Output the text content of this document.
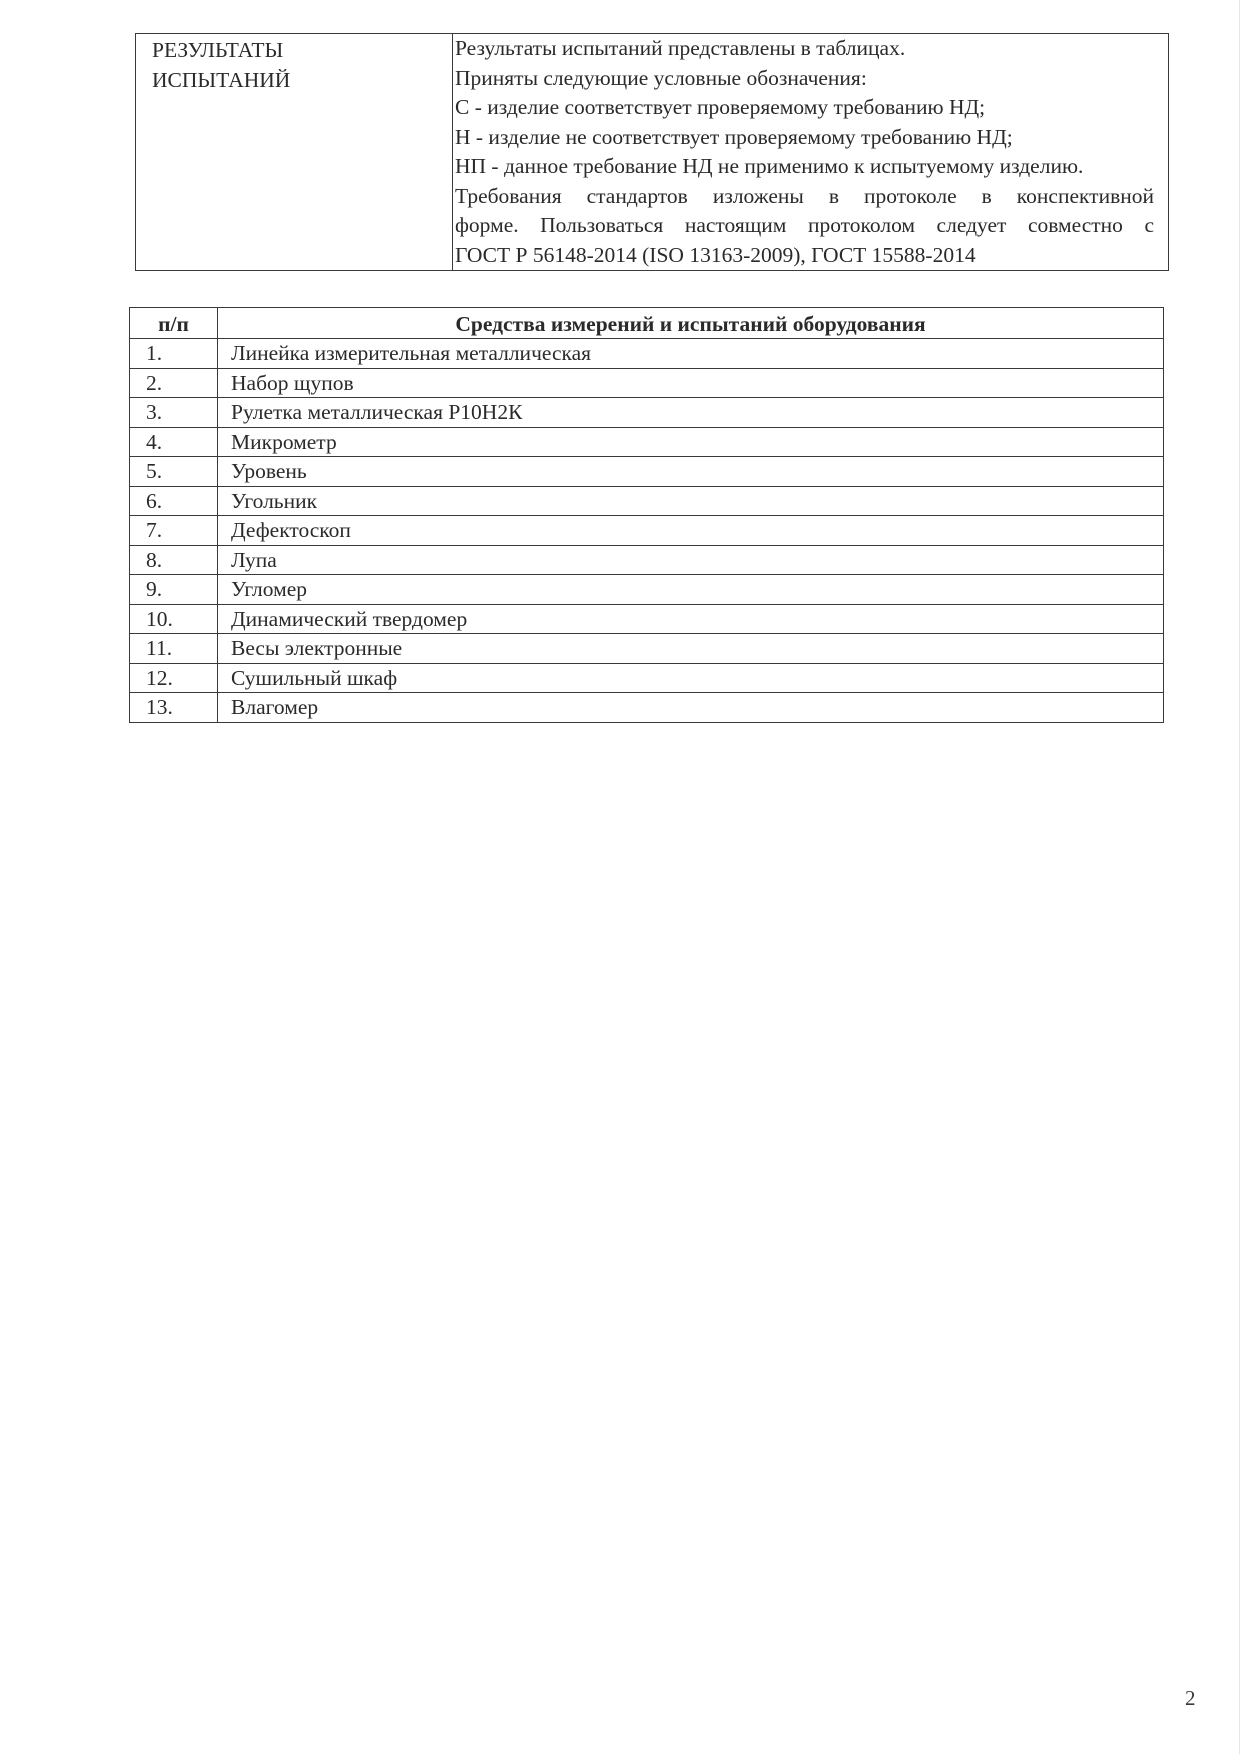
РЕЗУЛЬТАТЫ
ИСПЫТАНИЙ

Результаты испытаний представлены в таблицах.
Приняты следующие условные обозначения:
С - изделие соответствует проверяемому требованию НД;
Н - изделие не соответствует проверяемому требованию НД;
НП - данное требование НД не применимо к испытуемому изделию.
Требования стандартов изложены в протоколе в конспективной
форме. Пользоваться настоящим протоколом следует совместно с
ГОСТ Р 56148-2014 (ISO 13163-2009), ГОСТ 15588-2014
п/п	Средства измерений и испытаний оборудования
1.	Линейка измерительная металлическая
2.	Набор щупов
3.	Рулетка металлическая Р10Н2К
4.	Микрометр
5.	Уровень
6.	Угольник
7.	Дефектоскоп
8.	Лупа
9.	Угломер
10.	Динамический твердомер
11.	Весы электронные
12.	Сушильный шкаф
13.	Влагомер
2
